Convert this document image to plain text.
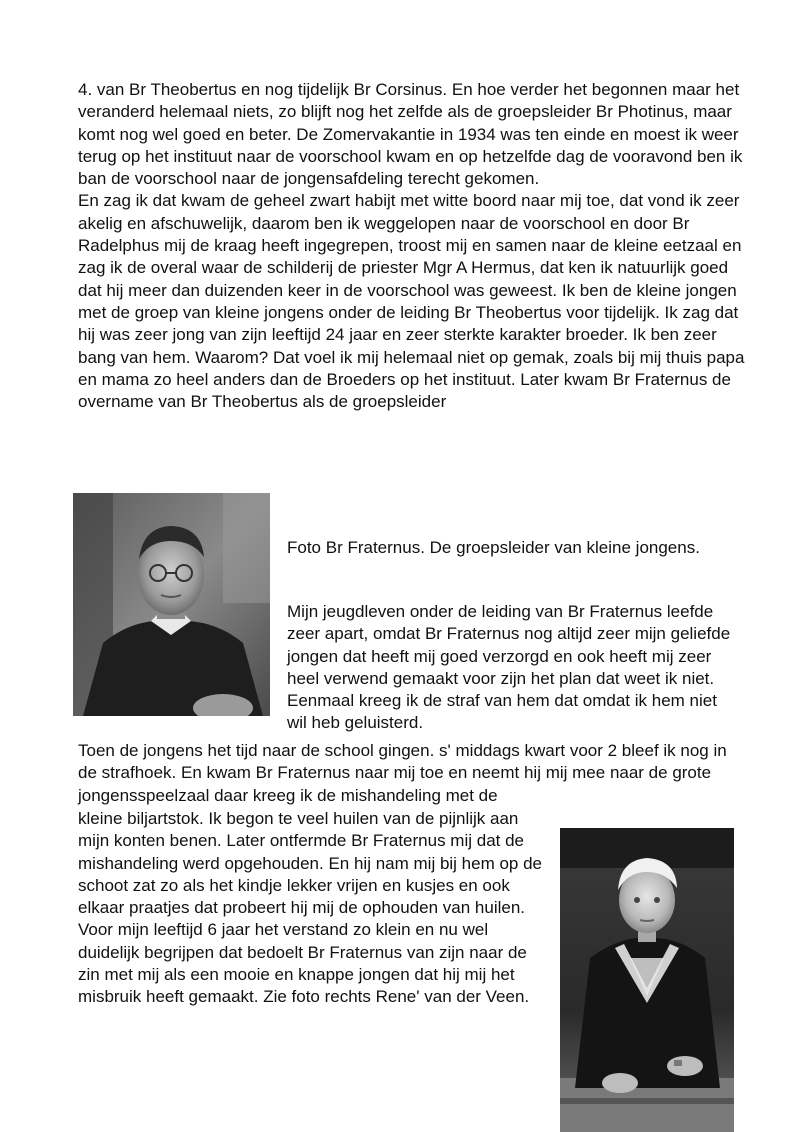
4. van Br Theobertus en nog tijdelijk Br Corsinus. En hoe verder het begonnen maar het veranderd helemaal niets, zo blijft nog het zelfde als de groepsleider Br Photinus, maar komt nog wel goed en beter. De Zomervakantie in 1934 was ten einde en moest ik weer terug op het instituut naar de voorschool kwam en op hetzelfde dag de vooravond ben ik ban de voorschool naar de jongensafdeling terecht gekomen.
En zag ik dat kwam de geheel zwart habijt met witte boord naar mij toe, dat vond ik zeer akelig en afschuwelijk, daarom ben ik weggelopen naar de voorschool en door Br Radelphus mij de kraag heeft ingegrepen, troost mij en samen naar de kleine eetzaal en zag ik de overal waar de schilderij de priester Mgr A Hermus, dat ken ik natuurlijk goed dat hij meer dan duizenden keer in de voorschool was geweest. Ik ben de kleine jongen met de groep van kleine jongens onder de leiding Br Theobertus voor tijdelijk. Ik zag dat hij was zeer jong van zijn leeftijd 24 jaar en zeer sterkte karakter broeder. Ik ben zeer bang van hem. Waarom? Dat voel ik mij helemaal niet op gemak, zoals bij mij thuis papa en mama zo heel anders dan de Broeders op het instituut. Later kwam Br Fraternus de overname van Br Theobertus als de groepsleider

Foto Br Fraternus. De groepsleider van kleine jongens.

Mijn jeugdleven onder de leiding van Br Fraternus leefde zeer apart, omdat Br Fraternus nog altijd zeer mijn geliefde jongen dat heeft mij goed verzorgd en ook heeft mij zeer heel verwend gemaakt voor zijn het plan dat weet ik niet. Eenmaal kreeg ik de straf van hem dat omdat ik hem niet wil heb geluisterd.

Toen de jongens het tijd naar de school gingen. s' middags kwart voor 2 bleef ik nog in de strafhoek. En kwam Br Fraternus naar mij toe en neemt hij mij mee naar de grote jongensspeelzaal daar kreeg ik de mishandeling met de

kleine biljartstok. Ik begon te veel huilen van de pijnlijk aan mijn konten benen. Later ontfermde Br Fraternus mij dat de mishandeling werd opgehouden. En hij nam mij bij hem op de schoot zat zo als het kindje lekker vrijen en kusjes en ook elkaar praatjes dat probeert hij mij de ophouden van huilen. Voor mijn leeftijd 6 jaar het verstand zo klein en nu wel duidelijk begrijpen dat bedoelt Br Fraternus van zijn naar de zin met mij als een mooie en knappe jongen dat hij mij het misbruik heeft gemaakt. Zie foto rechts Rene' van der Veen.
